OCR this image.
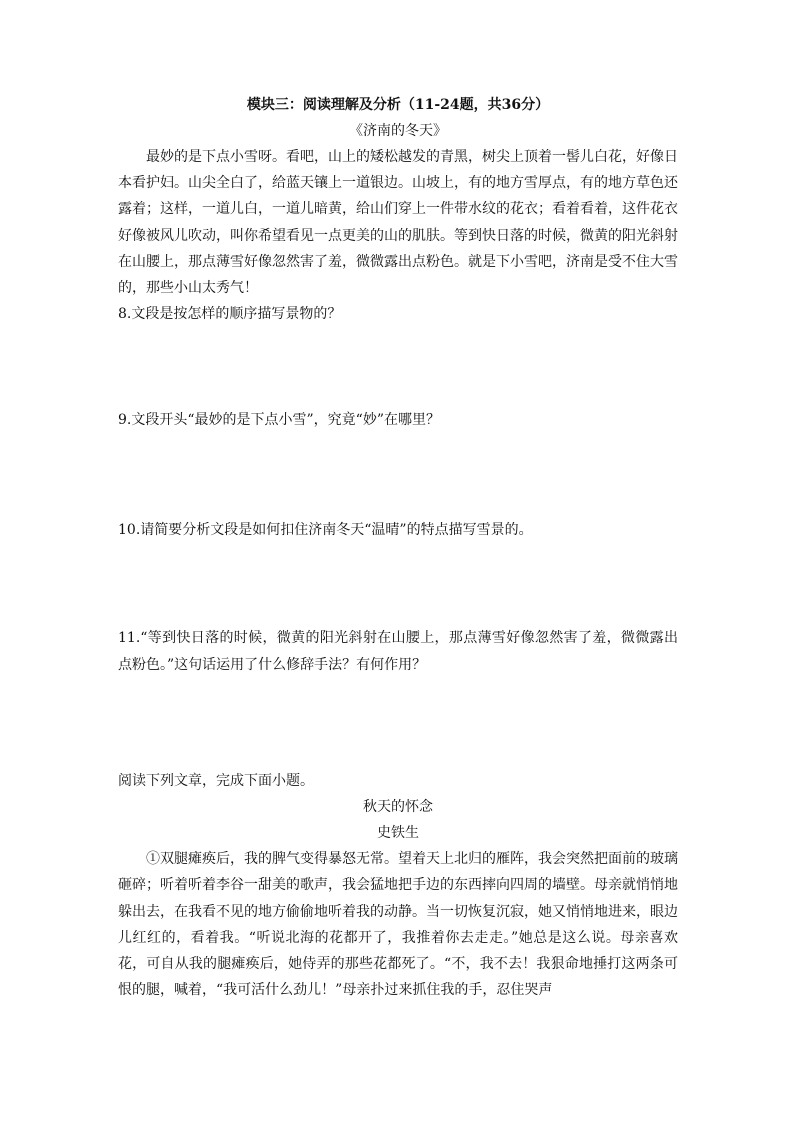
模块三：阅读理解及分析（11-24题，共36分）

《济南的冬天》

最妙的是下点小雪呀。看吧，山上的矮松越发的青黑，树尖上顶着一髻儿白花，好像日本看护妇。山尖全白了，给蓝天镶上一道银边。山坡上，有的地方雪厚点，有的地方草色还露着；这样，一道儿白，一道儿暗黄，给山们穿上一件带水纹的花衣；看着看着，这件花衣好像被风儿吹动，叫你希望看见一点更美的山的肌肤。等到快日落的时候，微黄的阳光斜射在山腰上，那点薄雪好像忽然害了羞，微微露出点粉色。就是下小雪吧，济南是受不住大雪的，那些小山太秀气！

8.文段是按怎样的顺序描写景物的？

9.文段开头“最妙的是下点小雪”，究竟“妙”在哪里？

10.请简要分析文段是如何扣住济南冬天“温晴”的特点描写雪景的。

11.“等到快日落的时候，微黄的阳光斜射在山腰上，那点薄雪好像忽然害了羞，微微露出点粉色。”这句话运用了什么修辞手法？有何作用？

阅读下列文章，完成下面小题。

秋天的怀念

史铁生

①双腿瘫痪后，我的脾气变得暴怒无常。望着天上北归的雁阵，我会突然把面前的玻璃砸碎；听着听着李谷一甜美的歌声，我会猛地把手边的东西摔向四周的墙壁。母亲就悄悄地躲出去，在我看不见的地方偷偷地听着我的动静。当一切恢复沉寂，她又悄悄地进来，眼边儿红红的，看着我。“听说北海的花都开了，我推着你去走走。”她总是这么说。母亲喜欢花，可自从我的腿瘫痪后，她侍弄的那些花都死了。“不，我不去！我狠命地捶打这两条可恨的腿，喊着，“我可活什么劲儿！”母亲扑过来抓住我的手，忍住哭声
